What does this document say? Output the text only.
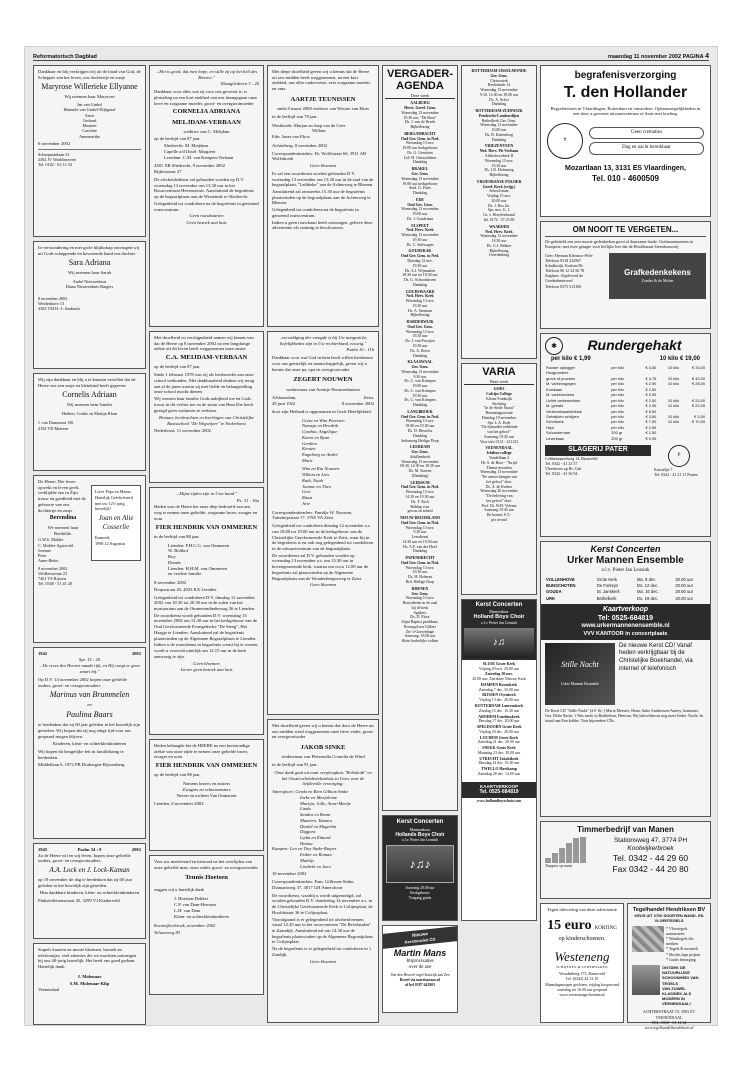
Reformatorisch Dagblad	maandag 11 november 2002 PAGINA 4

Dankbaar en blij verkrijgen wij uit de hand van God, de Schepper van het leven, ons dochtertje en zusje

Maryrose Willerieke Ellyanne

Wij noemen haar Maryrose

Jan van Ginkel
Hanneke van Ginkel-Dijkgraaf
Arien
Gerhard
Maarten
Caroline
Annemarthe

6 november 2002

Schaepmanlaan 61
2492 JV Waddinxveen
Tel. 0182 - 63 12 34

In verwondering en met grote blijdschap ontvingen wij uit Gods scheppende en bewarende hand ons dochter

Sara Adriana

Wij noemen haar Sarah

André Nieuwenhuis
Diana Nieuwenhuis-Rutgers
8 november 2002
Weidenhove 13
3363 VM H.-I.-Ambacht

Wij zijn dankbaar en blij u te kunnen vertellen dat de Heere ons een zusje en kleinkind heeft gegeven.

Cornelis Adriaan

Wij noemen hem Sander

Herbert, Corike en Martijn Blom

J. van Damstraat 136
4194 VD Meteren

De Heere, Die leven opwekt en leven geeft, verblijdde ons in Zijn trouw en goedheid met de geboorte van ons dochtertje en zusje

Berendina

We noemen haar Berthilde.

G.W.S. Mulder
C. Mulder-Agterveld
Jorenne
Peter
Anne-Rieke
8 november 2002
Veldkersstraat 23
7461 VS Rijssen
Tel. 0548 - 51 41 28

Lieve Papa en Mama,

Hartelijk Gefeliciteerd met uw 12½ jarig huwelijk!

Joan en Alie Cosserlie

Kamerik

1990 12 Augustus

1942	2002

Spr. 15 : 20

...De vrees des Heeren maakt rijk, en Hij voegt er geen smart bij."

Op D.V. 14 november 2002 hopen onze geliefde ouders, groot- en overgrootouders

Marinus van Brummelen
en
Paulina Baars

te herdenken dat zij 60 jaar geleden in het huwelijk zijn getreden. Wij hopen dat zij nog enige tijd voor ons gespaard mogen blijven.

Kinderen, klein- en achterkleinkinderen

Wij hopen dit heugelijke feit in familiekring te herdenken.

Middellaan 6, 1872 PB Drubergen-Rijssenberg

1945	Psalm 34 : 9	2002

Zo de Heere wil en wij leven, hopen onze geliefde ouders, groot- en overgrootouders

A.A. Lock en J. Lock-Kaman

op 19 november de dag te herdenken dat zij 60 jaar geleden in het huwelijk zijn getreden.

Hun dankbare kinderen, klein- en achterkleinkinderen

Pinksterbloemstraat 45, 3299 VJ Kinderveld

Stapels kaarten en mooie bloemen, bezoek en telefoontjes, veel attenties die we mochten ontvangen bij ons 40-jarig huwelijk. Het heeft ons goed gedaan. Hartelijk dank.

J. Molenaar

S.M. Molenaar-Klip

Veenendaal

...Het is goed, dat men hope, en stille zij op het heil des Heeren."

Klaagliederen 3 : 26

Dankbaar voor alles wat zij voor ons geweest is, is plotseling na een kort ziekbed van ons heengegaan onze lieve en zorgzame moeder, groot- en overgrootmoeder

CORNELIA ADRIANA
MELJDAM-VERBAAN

weduwe van C. Meljdam

op de leeftijd van 87 jaar.

Sliedrecht: M. Meijdam
Capelle a/d IJssel: Margreet
Leerdam: C.M. van Kempen-Verbaan

4381 XR Sliedrecht, 9 november 2002

Rijkesstraat 27

De afscheidsdienst zal gehouden worden op D.V. woensdag 13 november om 13.30 uur in het Rouwcentrum Heerenzeuw. Aansluitend de begrafenis op de begraafplaats aan de Westeinde te Sliedrecht.

Gelegenheid tot condoleren na de begrafenis in genoemd rouwcentrum.

Geen rouwkaarten

Geen bezoek aan huis

Met droefheid en verslagenheid namen wij kennis van dat de Heere op 8 november 2002 na een langdurige ziekte uit dit leven heeft weggenomen onze zuster

C.A. MEIJDAM-VERBAAN

op de leeftijd van 87 jaar.

Sinds 1 februari 1978 was zij als leesbroeder aan onze school verbonden. Met dankbaarheid denken wij terug aan al de jaren waarin zij met liefde en belangstelling onze school mocht dienen.

Wij wensen haar familie Gods nabijheid toe en Gods troost in dit verlies toe en de steun van Hem Die heeft gezegd geen weduwen te verlaten.

Bestuur, leerkrachten en leerlingen van Christelijke Basisschool "De Wegwijzer" te Nederhorst

Nederhorst, 11 november 2002

...Mijne tijden zijn in Uwe hand."

Ps. 31 : 16a

Heden was de Heere het onze diep bedroefd van ons weg te nemen onze geliefde, zorgzame broer, zwager en oom

FIER HENDRIK VAN OMMEREN

in de leeftijd van 88 jaar.

Lienden: F.H.C.G. van Ommeren
W. Bolthof
Roy
Dennis
Lienden: H.H.M. van Ommeren
en verdere familie

8 november 2002

Dorpsstraat 20, 4033 KX Lienden

Gelegenheid tot condoleren D.V. dinsdag 12 november 2002 van 18.30 tot 20.30 uur in de zalen van het mortuarium aan de Ommerendinderweg 36 te Lienden.

De rouwdienst wordt gehouden D.V. woensdag 13 november 2002 om 13.30 uur in het kerkgebouw van de Oud Gereformeerde Evangelische "De Steeg", Het Haagje te Lienden. Aansluitend zal de begrafenis plaatsvinden op de Algemene Begraafplaats te Lienden.

Indien u de rouwdienst in begrafenis wenst bij te wonen, wordt u verzocht uiterlijk om 12.15 uur in de kerk aanwezig te zijn.

Geen bloemen

Liever geen bezoek aan huis

Heden behaagde het de HEERE na een kortstondige ziekte van onze zijde te nemen onze geliefde broer, zwager en oom

FIER HENDRIK VAN OMMEREN

op de leeftijd van 88 jaar.

Namens broers en zusters
Zwagers en schoonzusters
Neven en nichten Van Ommeren

Lienden, 8 november 2002

Voor uw meelevend en betoond na het overlijden van onze geliefde man, onze vader, groot- en overgrootvader

Teunis Hoetsen

zeggen wij u hartelijk dank

J. Hoetsen-Dekker
C.P. van Dam-Hoetsen
L.H. van Dam
Klein- en achterkleinkinderen

Kootwijkerbroek, november 2002

Veluweweg 83

Met diepe droefheid geven wij u kennis dat de Heere uit ons midden heeft weggenomen, na een kort ziekbed, ons aller ouderwetse, zeer zorgzame moeder en oma

AARTJE TEUNISSEN

sinds 8 maart 2000 weduwe van Wouter van Ekris

in de leeftijd van 78 jaar.

Westbroek: Marjan en Jaap van de Geer
Willem
Ede: Janet van Ekris

Achterberg, 8 november 2002

Correspondentieadres: Dr. Wolffstraat 66, 3911 AB Wolfsbroek

Geen bloemen

Er zal een rouwdienst worden gehouden D.V. woensdag 13 november om 13.30 uur in de zaal van de begraafplaats "Lathbeke" aan de Achterweg te Rhenen.

Aansluitend zal omstreeks 15.30 uur de begrafenis plaatsvinden op de begraafplaats aan de Achterweg te Rhenen.

Gelegenheid tot condoleren na de begrafenis in genoemd rouwcentrum.

Indien u geen rouwkaart heeft ontvangen, gelieve deze advertentie als zodanig te beschouwen.

...vervuldging der vreugde is bij Uw aangezicht; liefelijkheden zijn in Uw rechterhand, eeuwig."

Psalm 16 : 11b

Dankbaar voor wat God in hem heeft willen betekenen voor ons geestelijk en maatschappelijk, geven wij u kennis dat onze pa, opa en overgrootvader

ZEGERT NOUWEN

weduwnaar van Arentje Nieuwenhuizen

Afslaarsdam,
20 juni 1922
Zeist,
8 november 2002

door zijn Heiland is opgenomen in Gods Heerlijkheid.

Greta en Wim Petersen
Natasja en Hendrik
Cynthia, Angelique
Karen en Ryan
Gerdien
Kirsten
Engeborg en André
Marit
Wim en Ria Nouwen
Willem en Lies
Ruth, Noah
Joanne en Theo
Gert
Rinus
Arie

Correspondentieadres: Familie W. Nouwen, Tuindorpstraat 17, 3765 VA Zeist

Gelegenheid tot condoleren dinsdag 12 november a.s. van 18.00 tot 19.00 uur in de kerkgebouw van de Christelijke Gereformeerde Kerk te Zeist, waar hij in de begrafenis is en ook nog gelegenheid tot condoleren in de uitvaartcentrum van de begraafplaats.

De rouwdienst zal D.V. gehouden worden op woensdag 13 november a.s. om 13.30 uur in bovengenoemde kerk, waarna om circa 12.00 uur de begrafenis zal plaatsvinden op de Algemene Begraafplaats aan de Woudenbergseweg te Zeist.

Geen bloemen

Met droefheid geven wij u kennis dat door de Heere uit ons midden werd weggenomen onze lieve vader, groot- en overgrootvader

JAKOB SINKE

weduwnaar van Pieternella Cornelia de Wind

in de leeftijd van 91 jaar.

Onze dank gaat uit naar verpleeghuis "Rehoboth" en het Oosterscheldeziekenhuis in Goes voor de liefdevolle verzorging.

Amersfoort: Gerda en Rien Gilhuis-Sinke
Ineke en Marjoleine
Martijn, Jolle, Anne-Marije
Linda
Sandra en Bram
Maarten, Tamara
Daniël en Magriëta
Diggora
Lydia en Eduard
Hanna
Kampen: Leo en Tiny Sinke-Ruiper
Esther en Roman
Mathijs
Lisebeth en Jaco

10 november 2002

Correspondentieadres: Fam. Gillissen-Sinke, Diamantweg 37, 3817 GH Amersfoort

De rouwdienst, waarbij u wordt uitgenodigd, zal worden gehouden D.V. donderdag 14 november a.s. in de Christelijke Gereformeerde Kerk te Colijnsplaat, de Hoofdstraat 36 te Colijnsplaat.

Voorafgaand is er gelegenheid tot afscheid nemen vanaf 12.45 uur in het rouwcentrum "De Bevelanden" te Zaandijk. Aansluitend zal om 14.30 uur de begrafenis plaatsvinden op de Algemene Begraafplaats te Colijnsplaat.

Na de begrafenis is er gelegenheid tot condoleren in 't Zandijk.

Geen bloemen

VERGADER-
AGENDA
Deze week
AALBURG
Herst. Geref. Gem.
Woensdag 13 november
19.30 uur, "De Bron"
Ds. J. van de Breek
Bijbellezing
BERGAMBACHT
Oud Ger. Gem. in Ned.
Woensdag 13 nov.
19.00 uur kerkgebouw
Ds. G. Gerritsen
Lid. H. Ghesouldsen
Dankdag
BRAKEL
Ger. Gem.
Woensdag 13 november
19.00 uur kerkgebouw
Stud. G. Pater
Dankdag
EDE
Oud Ger. Gem.
Woensdag 13 november
19.00 uur
Ds. J. Goudriaan
ELSPEET
Ned. Herv. Kerk
Woensdag 13 november
19.30 uur
Ds. C. Stelwagen
GOUDERAK
Oud Ger. Gem. in Ned.
Dinsdag 12 nov.
19.30 uur
Ds. A.J. Wijnmalen
18.30 uur en 19.30 uur
Ds. G. Schoonhoven
Dankdag
GOUDSWAARD
Ned. Herv. Kerk
Woensdag 13 nov.
19.30 uur
Ds. A. Steeman
Bijbellezing
HARDERWIJK
Oud Ger. Gem.
Woensdag 13 nov.
19.30 uur
Ds. J. van Prooijen
19.30 uur
Ds. A. Roest
Dankdag
KLAASWAAL
Ger. Gem.
Woensdag 13 november
9.30 uur
Ds. C. van Krimpen
19.00 uur
Ds. C. van Krimpen
19.30 uur
Ds. C. van Krimpen
Dankdag
LANGBROEK
Oud Ger. Gem. in Ned.
Woensdag 13 nov.
19.00 en 19.30 uur
Ds. D. Hesselse
Dankdag
Sedanweg Heilige Drop
LEERDAM
Ger. Gem.
Adullamkerk
Woensdag 13 november
09.30, 14.30 en 19.30 uur
Ds. M. Karens
(Dankdag)
LEERSUM
Oud Ger. Gem. in Ned.
Woensdag 13 nov.
14.30 en 19.30 uur
Ds. T. Kick
Biddag voor
gewas en arbeid
NIEUW-BEIJERLAND
Oud Ger. Gem. in Ned.
Woensdag 13 nov.
9.30 uur
Leesdienst
14.30 uur en 19.30 uur
Ds. A.F. van der Hoef
Dankdag
PAPENDRECHT
Oud Ger. Gem. in Ned.
Woensdag 13 nov.
19.30 uur
Ds. H. Hofman
Bril. Heilige Drop
RHENEN
Ger. Gem.
Woensdag 13 nov.
Rouwdienst in de zaal
bij de kerk
Spijkers
Ds. D. Floor
Stijnt Baptist predikant,
Rouwgolven Gilbert
Zie 's-Gravenhage
Aanvang: 18.00 uur
Klein kerkelijke volken
Kerst Concerten
Mannenkoor
Hollands Boys Choir
o.l.v. Pieter Jan Leusink
♪♫♪
Aanvang 20.00 uur
Kerkgebouw
Toegang gratis
Nieuwe
Kerstmuziek CD
Martin Mans
Improvisaties
over de zee
Van den Heuvel-orgel Katwijk aan Zee
Bestel via martinmans.nl
of bel 0187 642903
ROTTERDAM-IJSSELMONDE
Ger. Gem.
Chrisosterk
Reykekade 14
Woensdag 13 november
9.30, 14.30 en 19.00 uur
Ds. A. Schot
Dankdag
ROTTERDAM-ZUIDWIJK
Pendrecht-Lombardijen
Bethelkerk Ger. Gem.
Woensdag 13 november
10.00 uur
Ds. R. Kattenberg
Dankdag
VRIEZENVEEN
Ned. Herv. Pit Verbaan
Aldershovekerk II
Woensdag 13 nov.
19.30 uur
Ds. J.D. Hofsmuig
Bijbellezing
VRIJENBANSE POLDER
Geref. Kerk (vrijg.)
Schoolstraat
Vrijdag 15 nov.
20.00 uur
Ds. J. Bos Zn.
Spr. mw. G. J.
Gr. v. Hoeylenbrand
Inl. 0172 - 57 25 80
WAARDER
Ned. Herv. Kerk
Woensdag 13 november
19.30 uur
Ds. G.J. Bekker
Bijbellezing
Overdenking
VARIA
Deze week
GOES
Calvijn College
Kleine Frankrijk
Stichting
"In de Steile Straat"
Bezinningsavond
Dinsdag 19 november
Spr. L.A. Kole
"De bijzonder reddende
van het geloof"
Aanvang 19.45 uur
Voor info 0113 - 221123
VEENENDAAL
Ichthus-college
Vondellaan 2
Hr. S. de Boer - "Strijd
Thema-avonden
Woensdag 13 november
"De aanvechtingen van
het geloof" door
Ds. A. de Roeker
Woensdag 20 november
"De beleving van
het geloof" door
Prof. Dr. W.H. Velema
Aanvang 19.45 uur
De kosten: € 5,-
per avond
Kerst Concerten
Mannenkoor
Holland Boys Choir
o.l.v. Pieter Jan Leusink
♪♫
SLUSE Grote Kerk
Vrijdag 29 nov. 20.00 uur
Zaterdag 30 nov.
20.00 uur: Zierikzee Nieuwe Kerk
HAMPEN Bovenkerk
Zaterdag 7 dec. 16.00 uur
RIJSSEN Oyenkerk
Vrijdag 13 dec. 20.00 uur
ROTTERDAM Laurenskerk
Zondag 15 dec. 15.30 uur
ARNHEM Eusebiuskerk
Dinsdag 17 dec. 20.00 uur
APELDOORN Grote Kerk
Vrijdag 20 dec. 20.00 uur
LOCHEM Grote Kerk
Zaterdag 21 dec. 20.00 uur
SNEEK Grote Kerk
Maandag 23 dec. 20.00 uur
UTRECHT Jakobikerk
Dinsdag 24 dec. 16.30 uur
TWELLO Hartkamp
Zaterdag 28 dec. 14.00 uur
KAARTVERKOOP
Tel. 0525-684819
www.hollandboyschoir.com
begrafenisverzorging
T. den Hollander

Begrafenissen in Vlaardingen, Rotterdam en omstreken. Opbaarmogelijkheden in een door u gewenst uitvaartcentrum of thuis met koeling.

✝
Geen crematies
Dag en nacht bereikbaar
Mozartlaan 13, 3131 ES Vlaardingen,
Tel. 010 - 4600509
OM NOOIT TE VERGETEN...

De gebeiteld een zeer mooie gedenkteken groot af duurzame harde. Grafmonumenten in Europese, met twee graagte voor lieflijke leer dat de Hoofdstraat Steenhouwerij

Geer: Herman Kleinsoo-Welv
Telefoon 0318 234567
Schalkwijk: Karlsen 86
Telefoon 06 12 34 56 78
Zutphen: Afgeleverd de
Goedenbeterwerf
Telefoon 0575 513100
Grafkedenkekens
Zonder & de Molen
✱	Rundergehakt
per kilo € 1,99	10 kilo € 19,00
Runder oplegger	per kilo	€ 3,50	10 kilo	€ 33,00
Hoogrunders				
grove of procees	per kilo	€ 4,75	10 kilo	€ 43,00
M. varkensgegen	per kilo	€ 2,90	10 kilo	€ 28,00
Koolkaas	per kilo	€ 2,50		
M. varkensvlees	per kilo	€ 3,95		
Lichte varkensvlees	per kilo	€ 2,50	10 kilo	€ 23,00
M. gehakt	per kilo	€ 2,95	10 kilo	€ 22,00
Verkenshaasbiefstuk	per kilo	€ 6,50		
Gebakken schijven	per kilo	€ 3,50	10 kilo	€ 3,50
Schnitzels	per kilo	€ 7,50	10 kilo	€ 70,00
Hiya	per kilo	€ 2,95		
Schouderham	200 gr	€ 1,50		
Leverkaas	200 gr	€ 0,95		
SLAGERIJ PATER
Cobbenmaredweg 14, Barneveld
Tel. 0342 - 41 23 57
Vleesbeurs op Bt: Cab
Tel. 0342 - 41 56 94
P
Kassalijst 7
Tel. 0342 - 41 21 11 Putten
Kerst Concerten
Urker Mannen Ensemble
o.l.v. Pieter Jan Leusink
VOLLENHOVE	Grote Kerk	Ma. 9 dec.	20.00 uur
BUNSCHOTEN	De Fonteyn	Do. 12 dec.	20.00 uur
GOUDA	St. Janskerk	Ma. 16 dec.	20.00 uur
URK	Bethelkerk	Do. 19 dec.	20.00 uur
Kaartverkoop
Tel: 0525-684819
www.urkermannenensemble.nl
VVV KANTOOR in concertplaats
Stille Nacht
Urker Mannen Ensemble
De nieuwe Kerst CD! Vanaf heden verkrijgbaar bij de Christelijke Boekhandel, via internet of telefonisch

De Kerst CD "Stille Nacht" (à € 16,-) Maria Meester, Haan, Anke Andriessen-Amery, harmonie, Gra. Delta Nacht, 't Was nacht in Bethlehem, Heerom, Wij beloofden en nog meer lieder. Nacht. In totaal aan Een kribbe. Tien bijzondere CDs.

Timmerbedrijf van Manen
Trappen op maat
Stationsweg 47, 3774 PH
Kootwijkerbroek
Tel. 0342 - 44 29 60
Fax 0342 - 44 20 80

Tegen inlevering van deze advertentie

15 euro KORTING

op kinderschoenen.

Westeneng
SCHOENEN & LEDERWAREN
Woudenberg 173, Barneveld
Tel. (0342) 44 12 10
Maandagmorgen gesloten, vrijdag koopavond zaterdag tot 16.00 uur geopend
www.westenengschoenen.nl
Tegelhandel Hendriksen BV
KEUS UIT 2700 SOORTEN WAND- EN VLOERTEGELS
* Vloertegels natuursteen
* Wandtegels div. merken
* Tegels & mozaiek
* Slechts lage prijzen
* Gratis bezorging
ONTDEK DE NATUURLIJKE
SCHOONHEID VAN TEGELS
VAN ZOWEL KLASSIEK ALS
MODERN IN VEENENDAAL!
ACHTERSTRAAT 19, 3903 ZV VEENENDAAL
TEL. 0318 - 51 14 34
www.tegelhandelhendriksen.nl
